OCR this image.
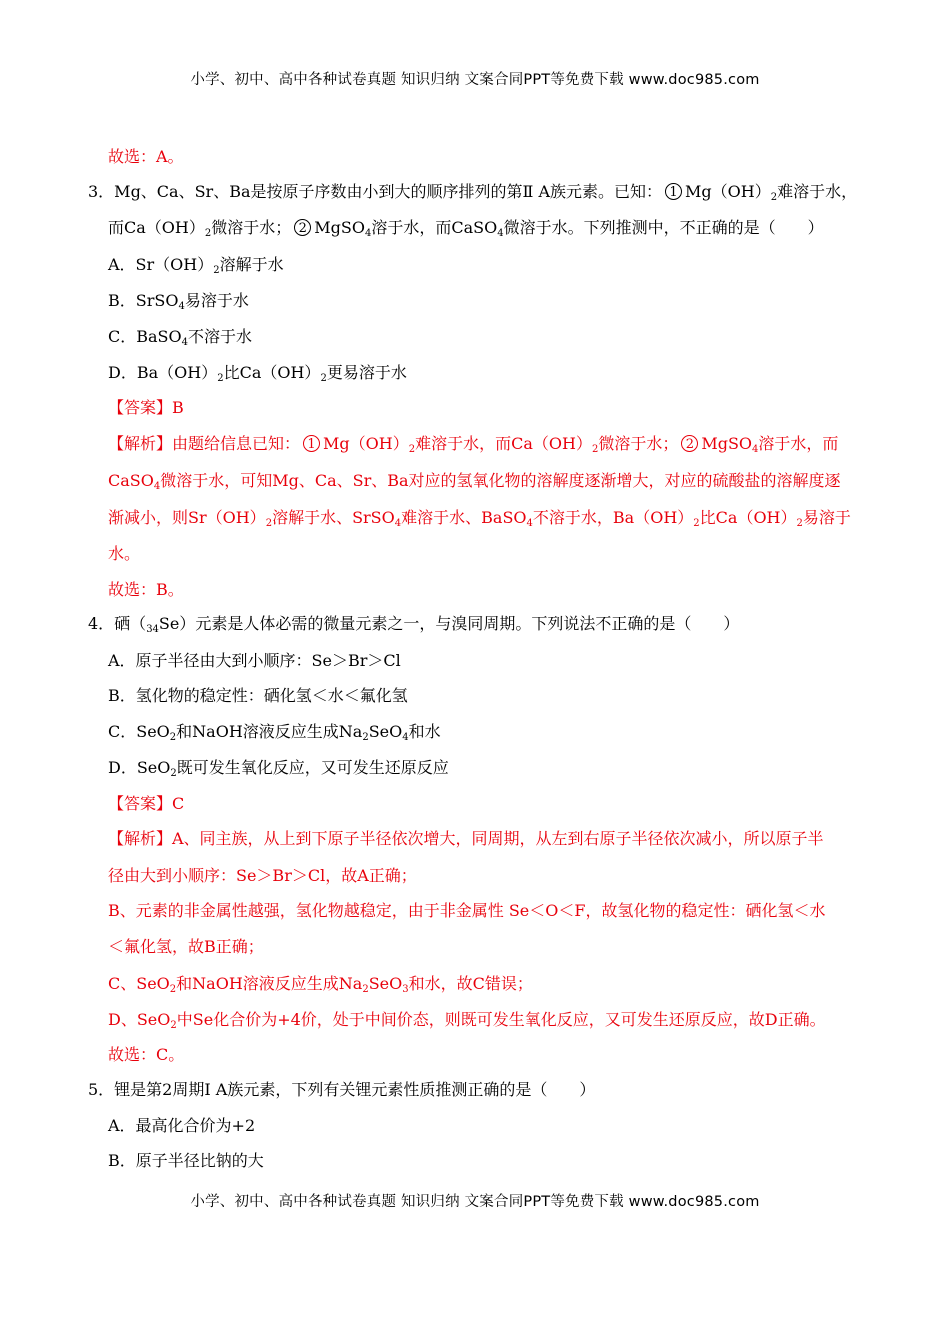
小学、初中、高中各种试卷真题 知识归纳 文案合同PPT等免费下载 www.doc985.com
故选：A。
3．Mg、Ca、Sr、Ba是按原子序数由小到大的顺序排列的第Ⅱ A族元素。已知： 1 $Mg(OH)_2$难溶于水，
而$Ca(OH)_2$微溶于水； 2 MgSO$_4$溶于水，而CaSO$_4$微溶于水。下列推测中，不正确的是（　　）
A．$Sr(OH)_2$溶解于水
B．SrSO$_4$易溶于水
C．BaSO$_4$不溶于水
D．$Ba(OH)_2$比$Ca(OH)_2$更易溶于水
【答案】B
【解析】由题给信息已知： 1 $Mg(OH)_2$难溶于水，而$Ca(OH)_2$微溶于水； 2 MgSO$_4$溶于水，而
CaSO$_4$微溶于水，可知Mg、Ca、Sr、Ba对应的氢氧化物的溶解度逐渐增大，对应的硫酸盐的溶解度逐
渐减小，则$Sr(OH)_2$溶解于水、SrSO$_4$难溶于水、BaSO$_4$不溶于水，$Ba(OH)_2$比$Ca(OH)_2$易溶于
水。
故选：B。
4．硒$(_{34}Se)$元素是人体必需的微量元素之一，与溴同周期。下列说法不正确的是（　　）
A．原子半径由大到小顺序：Se＞Br＞Cl
B．氢化物的稳定性：硒化氢＜水＜氟化氢
C．SeO$_2$和NaOH溶液反应生成$Na_2SeO_4$和水
D．SeO$_2$既可发生氧化反应，又可发生还原反应
【答案】C
【解析】A、同主族，从上到下原子半径依次增大，同周期，从左到右原子半径依次减小，所以原子半
径由大到小顺序：Se＞Br＞Cl，故A正确；
B、元素的非金属性越强，氢化物越稳定，由于非金属性 Se＜O＜F，故氢化物的稳定性：硒化氢＜水
＜氟化氢，故B正确；
C、SeO$_2$和NaOH溶液反应生成$Na_2SeO_3$和水，故C错误；
D、SeO$_2$中Se化合价为+4价，处于中间价态，则既可发生氧化反应，又可发生还原反应，故D正确。
故选：C。
5．锂是第2周期Ⅰ A族元素，下列有关锂元素性质推测正确的是（　　）
A．最高化合价为+2
B．原子半径比钠的大
小学、初中、高中各种试卷真题 知识归纳 文案合同PPT等免费下载 www.doc985.com
